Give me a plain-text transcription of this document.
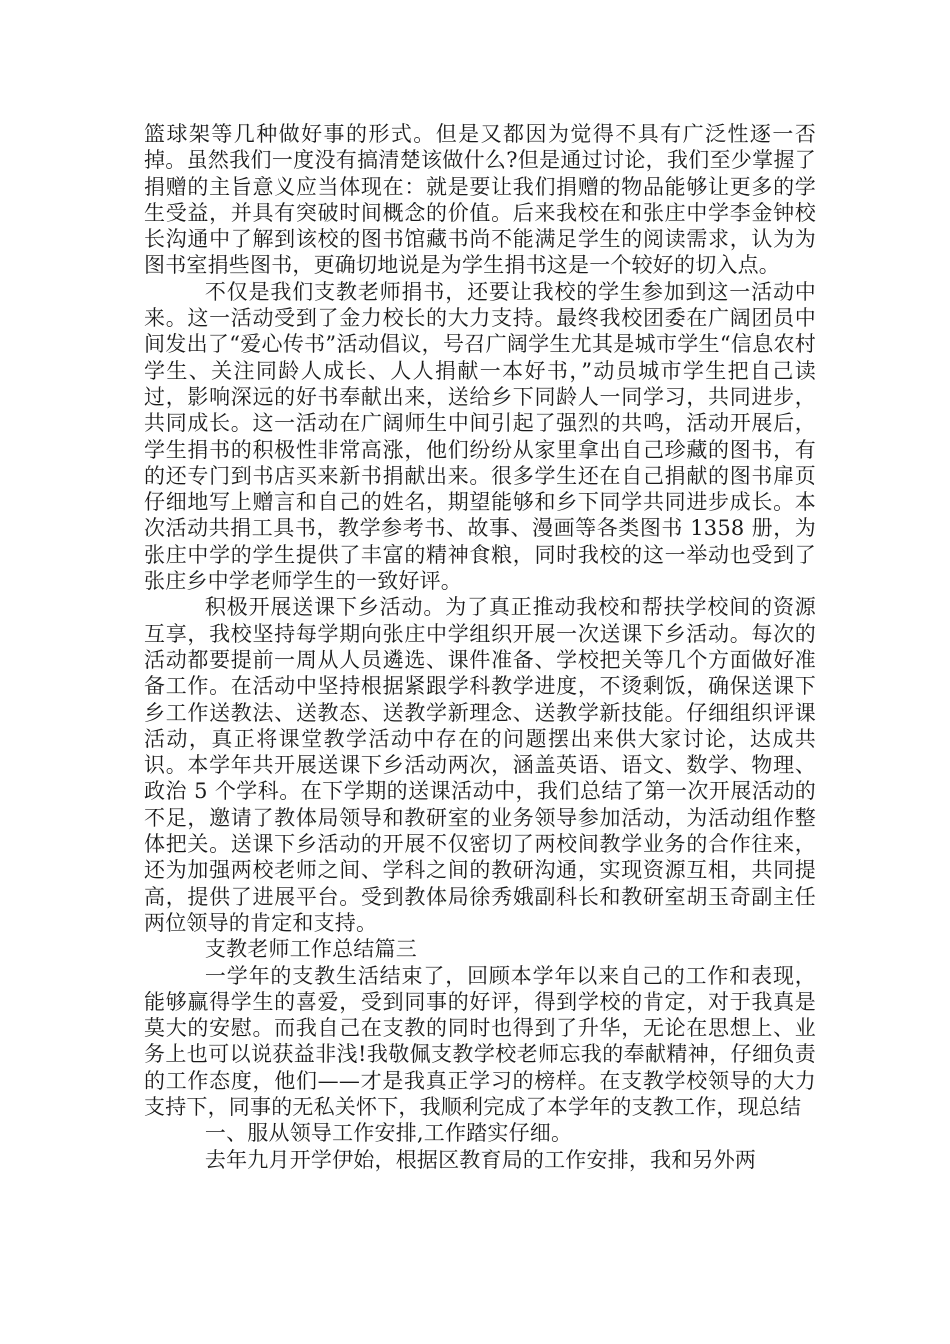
篮球架等几种做好事的形式。但是又都因为觉得不具有广泛性逐一否掉。虽然我们一度没有搞清楚该做什么?但是通过讨论，我们至少掌握了捐赠的主旨意义应当体现在：就是要让我们捐赠的物品能够让更多的学生受益，并具有突破时间概念的价值。后来我校在和张庄中学李金钟校长沟通中了解到该校的图书馆藏书尚不能满足学生的阅读需求，认为为图书室捐些图书，更确切地说是为学生捐书这是一个较好的切入点。

不仅是我们支教老师捐书，还要让我校的学生参加到这一活动中来。这一活动受到了金力校长的大力支持。最终我校团委在广阔团员中间发出了“爱心传书”活动倡议，号召广阔学生尤其是城市学生“信息农村学生、关注同龄人成长、人人捐献一本好书，”动员城市学生把自己读过，影响深远的好书奉献出来，送给乡下同龄人一同学习，共同进步，共同成长。这一活动在广阔师生中间引起了强烈的共鸣，活动开展后，学生捐书的积极性非常高涨，他们纷纷从家里拿出自己珍藏的图书，有的还专门到书店买来新书捐献出来。很多学生还在自己捐献的图书扉页仔细地写上赠言和自己的姓名，期望能够和乡下同学共同进步成长。本次活动共捐工具书，教学参考书、故事、漫画等各类图书 1358 册，为张庄中学的学生提供了丰富的精神食粮，同时我校的这一举动也受到了张庄乡中学老师学生的一致好评。

积极开展送课下乡活动。为了真正推动我校和帮扶学校间的资源互享，我校坚持每学期向张庄中学组织开展一次送课下乡活动。每次的活动都要提前一周从人员遴选、课件准备、学校把关等几个方面做好准备工作。在活动中坚持根据紧跟学科教学进度，不烫剩饭，确保送课下乡工作送教法、送教态、送教学新理念、送教学新技能。仔细组织评课活动，真正将课堂教学活动中存在的问题摆出来供大家讨论，达成共识。本学年共开展送课下乡活动两次，涵盖英语、语文、数学、物理、政治 5 个学科。在下学期的送课活动中，我们总结了第一次开展活动的不足，邀请了教体局领导和教研室的业务领导参加活动，为活动组作整体把关。送课下乡活动的开展不仅密切了两校间教学业务的合作往来，还为加强两校老师之间、学科之间的教研沟通，实现资源互相，共同提高，提供了进展平台。受到教体局徐秀娥副科长和教研室胡玉奇副主任两位领导的肯定和支持。

支教老师工作总结篇三

一学年的支教生活结束了，回顾本学年以来自己的工作和表现，能够赢得学生的喜爱，受到同事的好评，得到学校的肯定，对于我真是莫大的安慰。而我自己在支教的同时也得到了升华，无论在思想上、业务上也可以说获益非浅!我敬佩支教学校老师忘我的奉献精神，仔细负责的工作态度，他们——才是我真正学习的榜样。在支教学校领导的大力支持下，同事的无私关怀下，我顺利完成了本学年的支教工作，现总结

一、服从领导工作安排,工作踏实仔细。

去年九月开学伊始，根据区教育局的工作安排，我和另外两
